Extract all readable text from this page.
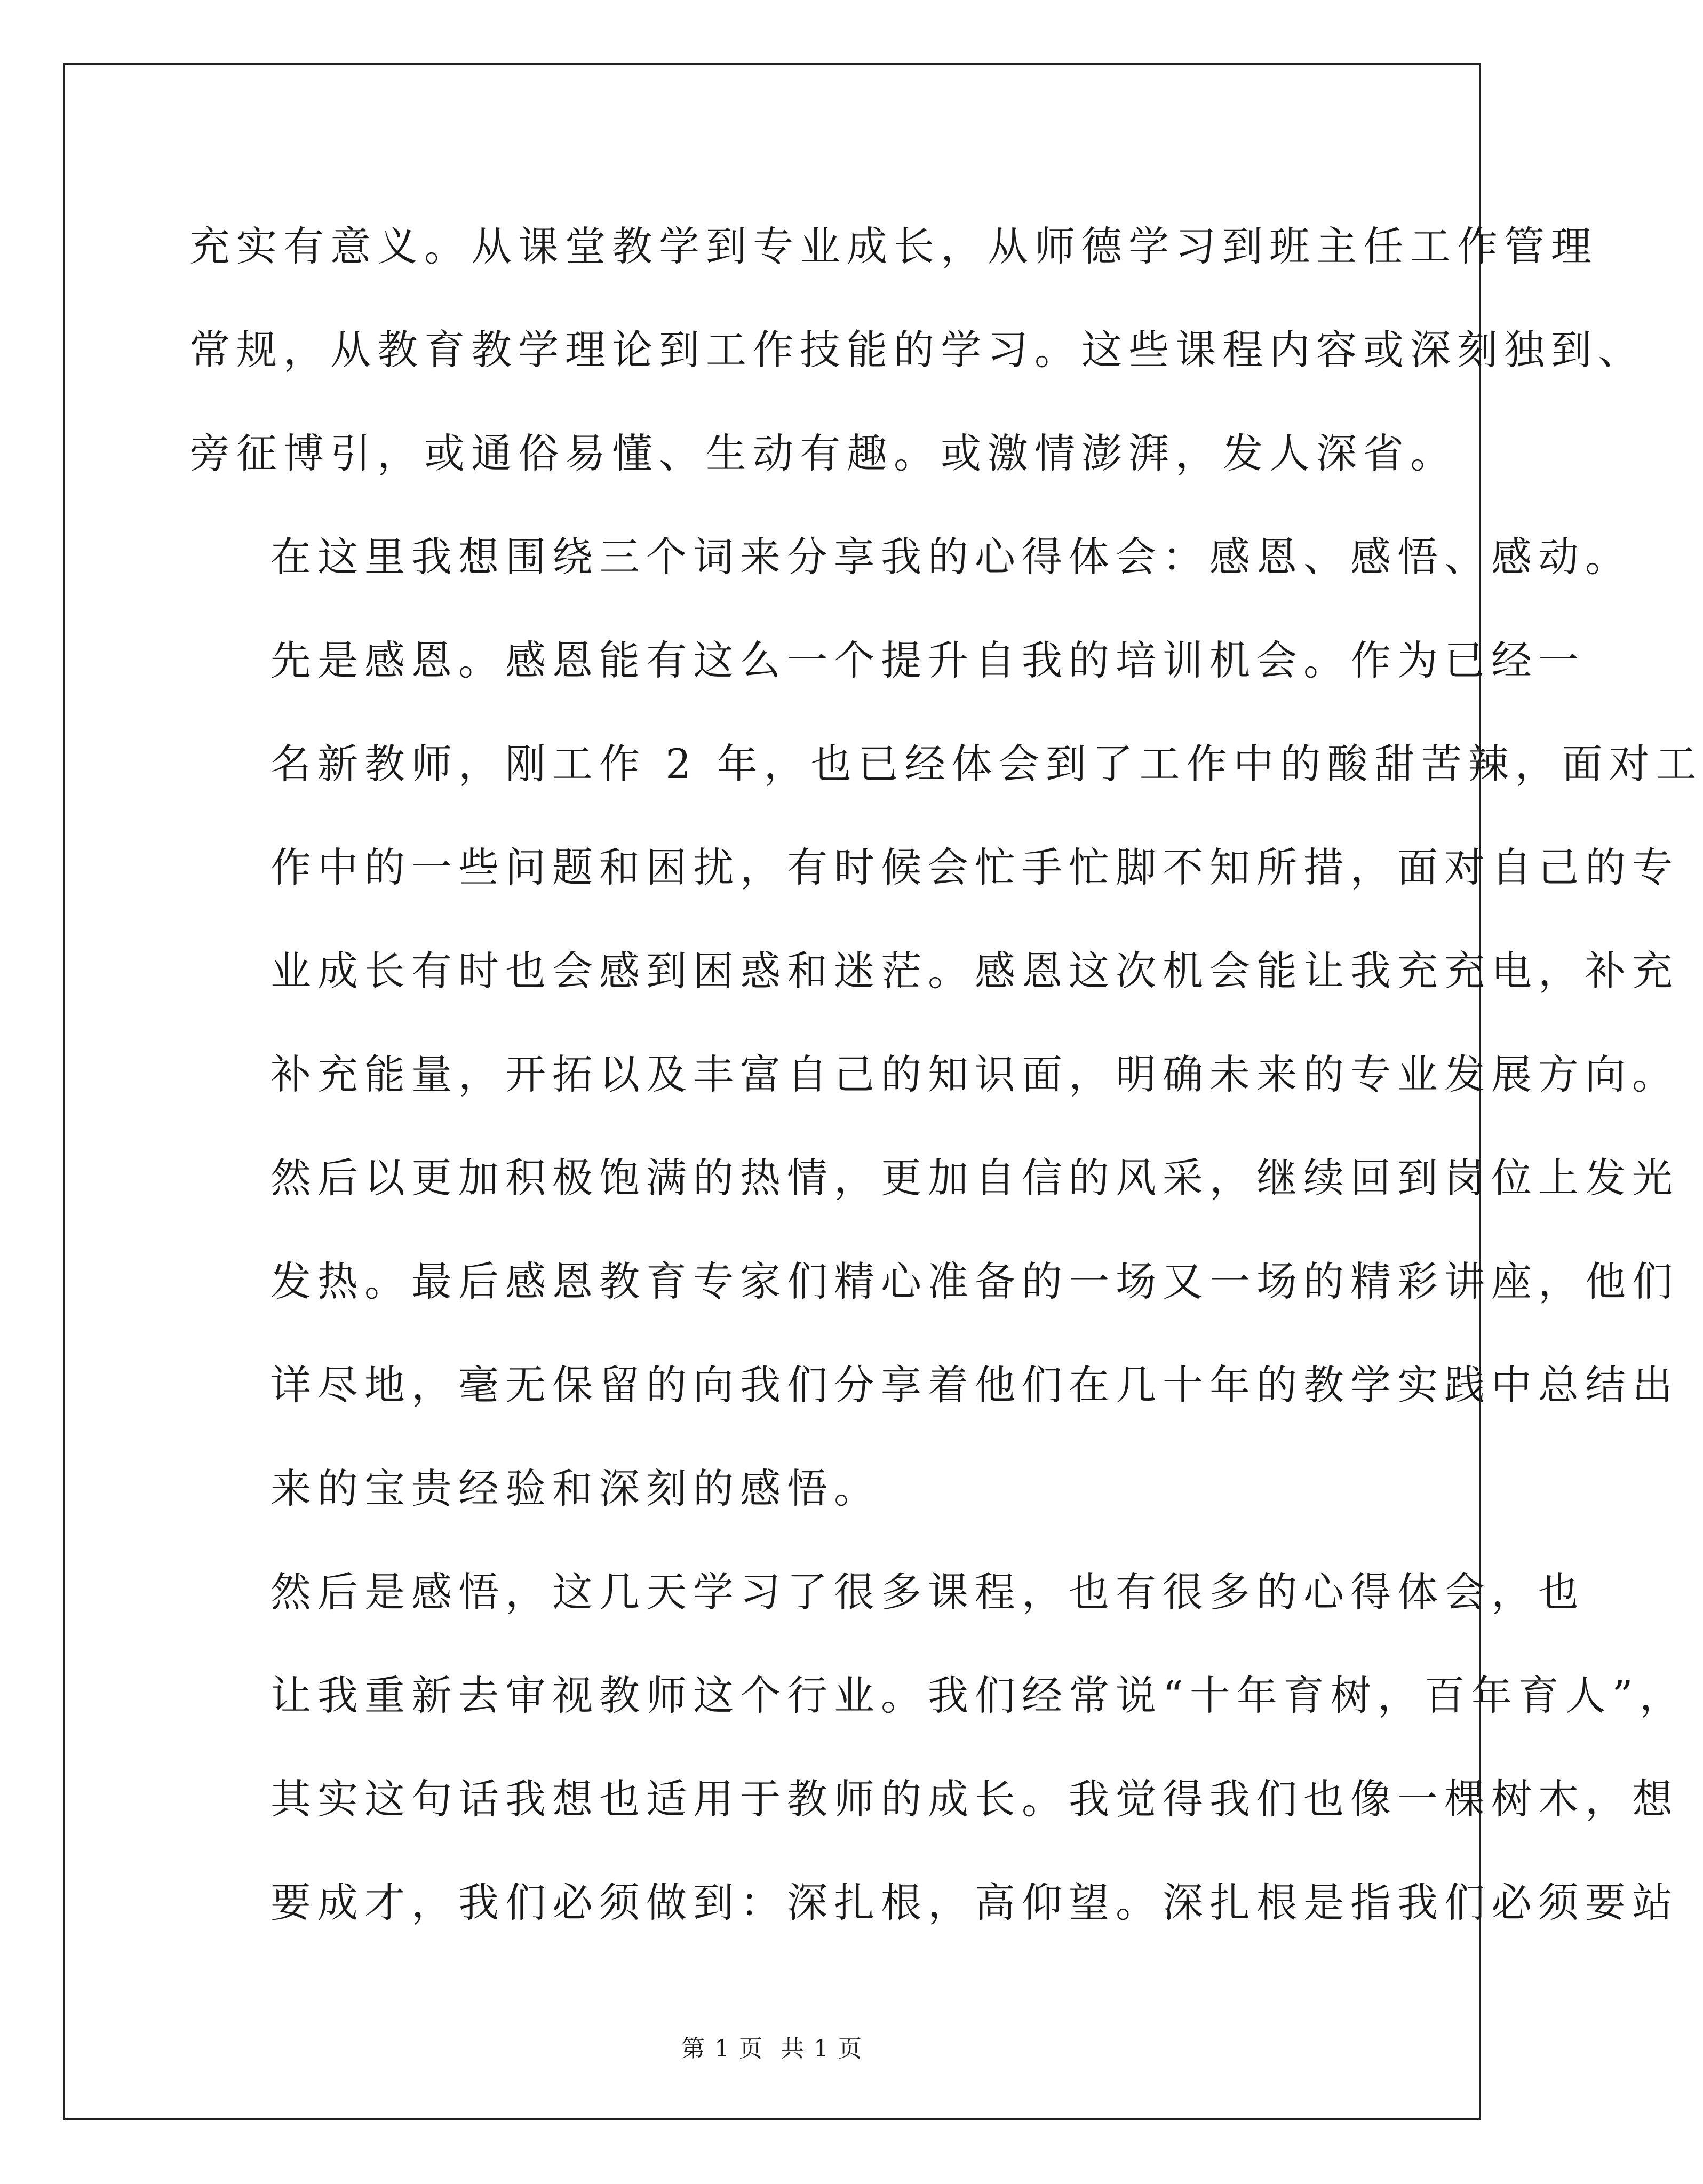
充实有意义。从课堂教学到专业成长，从师德学习到班主任工作管理
常规，从教育教学理论到工作技能的学习。这些课程内容或深刻独到、
旁征博引，或通俗易懂、生动有趣。或激情澎湃，发人深省。

在这里我想围绕三个词来分享我的心得体会：感恩、感悟、感动。

先是感恩。感恩能有这么一个提升自我的培训机会。作为已经一
名新教师，刚工作 2 年，也已经体会到了工作中的酸甜苦辣，面对工
作中的一些问题和困扰，有时候会忙手忙脚不知所措，面对自己的专
业成长有时也会感到困惑和迷茫。感恩这次机会能让我充充电，补充
补充能量，开拓以及丰富自己的知识面，明确未来的专业发展方向。
然后以更加积极饱满的热情，更加自信的风采，继续回到岗位上发光
发热。最后感恩教育专家们精心准备的一场又一场的精彩讲座，他们
详尽地，毫无保留的向我们分享着他们在几十年的教学实践中总结出
来的宝贵经验和深刻的感悟。

然后是感悟，这几天学习了很多课程，也有很多的心得体会，也
让我重新去审视教师这个行业。我们经常说“十年育树，百年育人”，
其实这句话我想也适用于教师的成长。我觉得我们也像一棵树木，想
要成才，我们必须做到：深扎根，高仰望。深扎根是指我们必须要站

第 1 页 共 1 页
